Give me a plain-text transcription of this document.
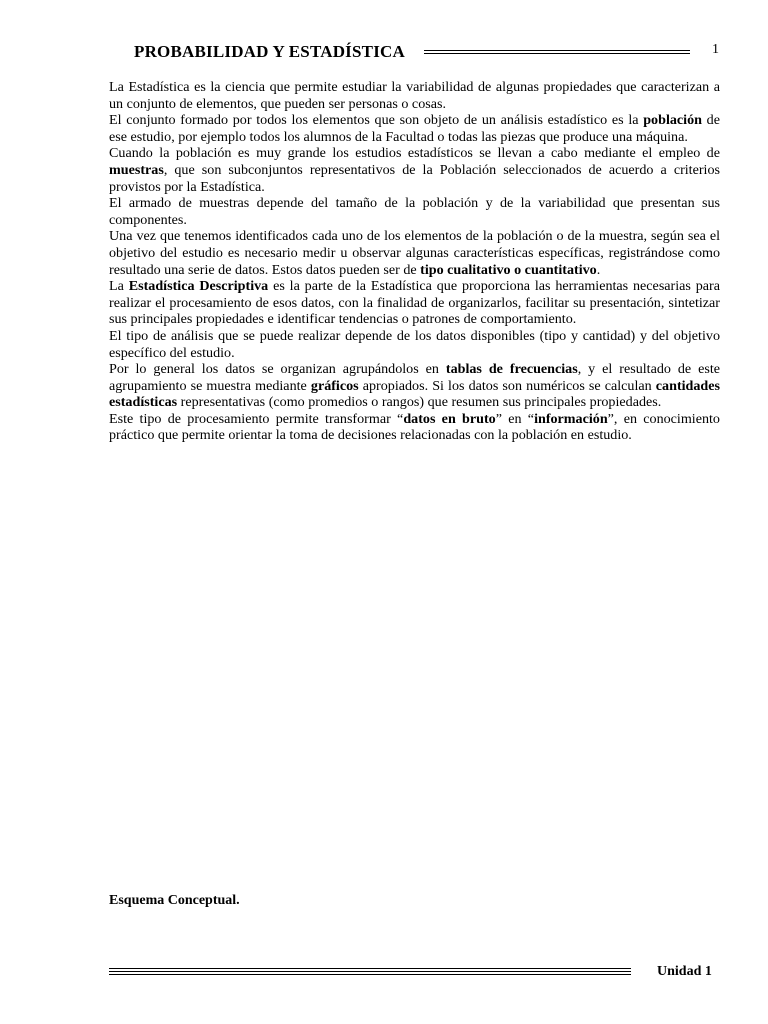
PROBABILIDAD Y ESTADÍSTICA	1

La Estadística es la ciencia que permite estudiar la variabilidad de algunas propiedades que caracterizan a un conjunto de elementos, que pueden ser personas o cosas.

El conjunto formado por todos los elementos que son objeto de un análisis estadístico es la población de ese estudio, por ejemplo todos los alumnos de la Facultad o todas las piezas que produce una máquina.

Cuando la población es muy grande los estudios estadísticos se llevan a cabo mediante el empleo de muestras, que son subconjuntos representativos de la Población seleccionados de acuerdo a criterios provistos por la Estadística.

El armado de muestras depende del tamaño de la población y de la variabilidad que presentan sus componentes.

Una vez que tenemos identificados cada uno de los elementos de la población o de la muestra, según sea el objetivo del estudio es necesario medir u observar algunas características específicas, registrándose como resultado una serie de datos. Estos datos pueden ser de tipo cualitativo o cuantitativo.

La Estadística Descriptiva es la parte de la Estadística que proporciona las herramientas necesarias para realizar el procesamiento de esos datos, con la finalidad de organizarlos, facilitar su presentación, sintetizar sus principales propiedades e identificar tendencias o patrones de comportamiento.

El tipo de análisis que se puede realizar depende de los datos disponibles (tipo y cantidad) y del objetivo específico del estudio.

Por lo general los datos se organizan agrupándolos en tablas de frecuencias, y el resultado de este agrupamiento se muestra mediante gráficos apropiados. Si los datos son numéricos se calculan cantidades estadísticas representativas (como promedios o rangos) que resumen sus principales propiedades.

Este tipo de procesamiento permite transformar “datos en bruto” en “información”, en conocimiento práctico que permite orientar la toma de decisiones relacionadas con la población en estudio.

Esquema Conceptual.
Unidad 1
